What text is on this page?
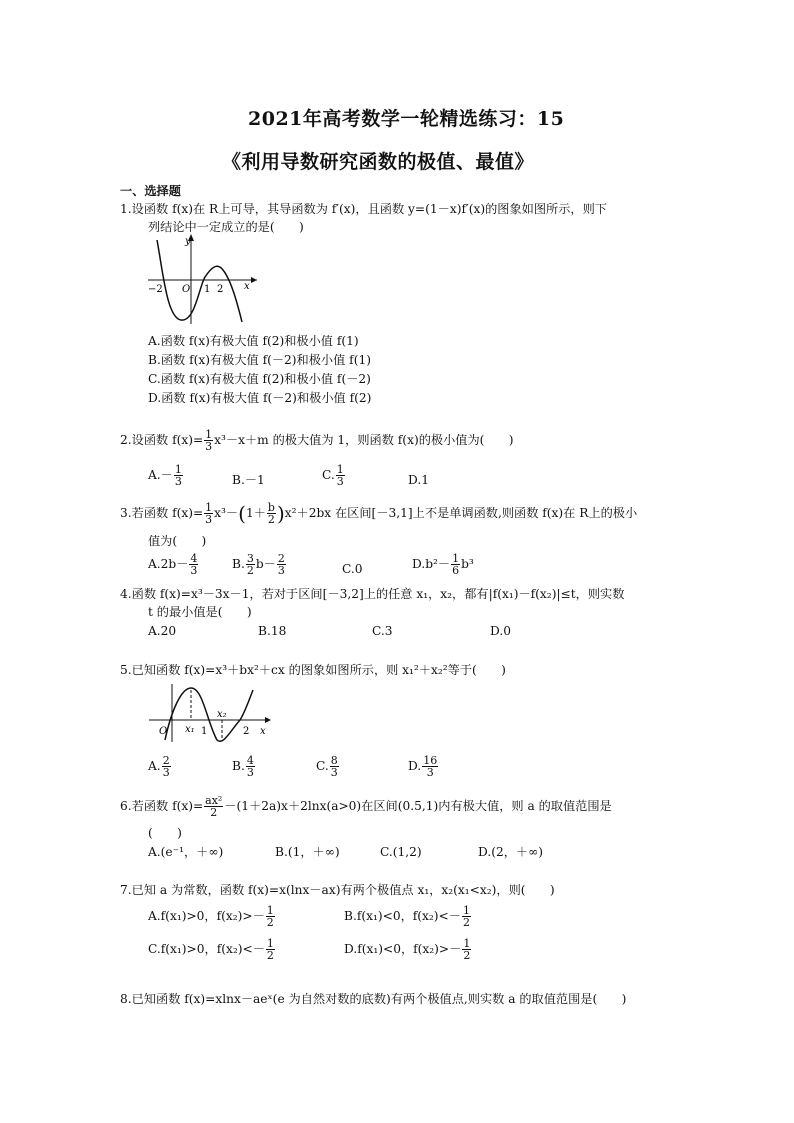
2021年高考数学一轮精选练习：15
《利用导数研究函数的极值、最值》
一、选择题
1.设函数 f(x)在 R上可导，其导函数为 f′(x)，且函数 y=(1－x)f′(x)的图象如图所示，则下
列结论中一定成立的是(　　)
y
O
−2	1 2 x
A.函数 f(x)有极大值 f(2)和极小值 f(1)
B.函数 f(x)有极大值 f(－2)和极小值 f(1)
C.函数 f(x)有极大值 f(2)和极小值 f(－2)
D.函数 f(x)有极大值 f(－2)和极小值 f(2)
2.设函数 $f(x)= \frac{1}{3} x^3-x+m$ 的极大值为 1，则函数 f(x)的极小值为(　　)
$A.- \frac{1}{3}$	B.－1	C. $\frac{1}{3}$	D.1
3.若函数 $f(x)= \frac{1}{3} x^3-(1+ \frac{b}{2} )x^2+2bx$ 在区间[－3,1]上不是单调函数,则函数 f(x)在 R上的极小
值为(　　)
$A.2b- \frac{4}{3}$	B. $\frac{3}{2} b- \frac{2}{3}$	C.0	$D.b^2- \frac{1}{6} b^3$
4.函数 f(x)=x³－3x－1，若对于区间[－3,2]上的任意 x₁，x₂，都有|f(x₁)－f(x₂)|≤t，则实数
t 的最小值是(　　)
A.20	B.18	C.3	D.0
5.已知函数 f(x)=x³＋bx²＋cx 的图象如图所示，则 x₁²＋x₂²等于(　　)
x₂
O x₁ 1	2 x
A. $\frac{2}{3}$	B. $\frac{4}{3}$	C. $\frac{8}{3}$	D. $\frac{16}{3}$
6.若函数 $f(x)= \frac{\text{ax²}}{2} -(1+2a)x+2\ln x(a>0)$在区间(0.5,1)内有极大值，则 a 的取值范围是
(　　)
A.(e⁻¹，＋∞)	B.(1，＋∞)	C.(1,2)	D.(2，＋∞)
7.已知 a 为常数，函数 f(x)=x(lnx－ax)有两个极值点 x₁，x₂(x₁<x₂)，则(　　)
A.f(x₁)>0，$f(x_2)>- \frac{1}{2}$	B.f(x₁)<0，$f(x_2)<- \frac{1}{2}$
C.f(x₁)>0，$f(x_2)<- \frac{1}{2}$	D.f(x₁)<0，$f(x_2)>- \frac{1}{2}$
8.已知函数 f(x)=xlnx－aeˣ(e 为自然对数的底数)有两个极值点,则实数 a 的取值范围是(　　)
